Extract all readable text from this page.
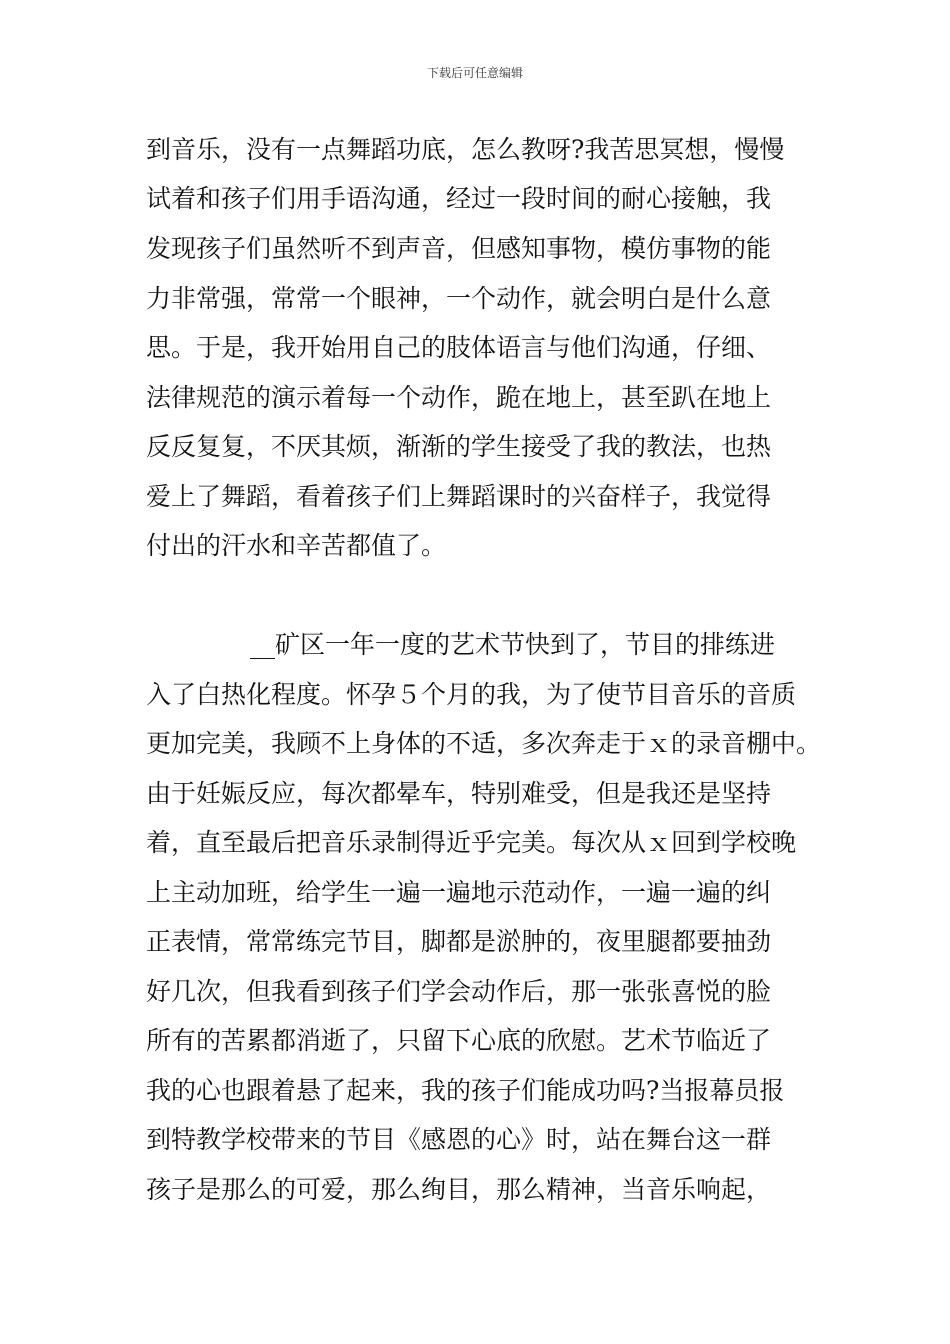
下载后可任意编辑
到音乐，没有一点舞蹈功底，怎么教呀?我苦思冥想，慢慢
试着和孩子们用手语沟通，经过一段时间的耐心接触，我
发现孩子们虽然听不到声音，但感知事物，模仿事物的能
力非常强，常常一个眼神，一个动作，就会明白是什么意
思。于是，我开始用自己的肢体语言与他们沟通，仔细、
法律规范的演示着每一个动作，跪在地上，甚至趴在地上
反反复复，不厌其烦，渐渐的学生接受了我的教法，也热
爱上了舞蹈，看着孩子们上舞蹈课时的兴奋样子，我觉得
付出的汗水和辛苦都值了。
__矿区一年一度的艺术节快到了，节目的排练进
入了白热化程度。怀孕５个月的我，为了使节目音乐的音质
更加完美，我顾不上身体的不适，多次奔走于ｘ的录音棚中。
由于妊娠反应，每次都晕车，特别难受，但是我还是坚持
着，直至最后把音乐录制得近乎完美。每次从ｘ回到学校晚
上主动加班，给学生一遍一遍地示范动作，一遍一遍的纠
正表情，常常练完节目，脚都是淤肿的，夜里腿都要抽劲
好几次，但我看到孩子们学会动作后，那一张张喜悦的脸
所有的苦累都消逝了，只留下心底的欣慰。艺术节临近了
我的心也跟着悬了起来，我的孩子们能成功吗?当报幕员报
到特教学校带来的节目《感恩的心》时，站在舞台这一群
孩子是那么的可爱，那么绚目，那么精神，当音乐响起，
